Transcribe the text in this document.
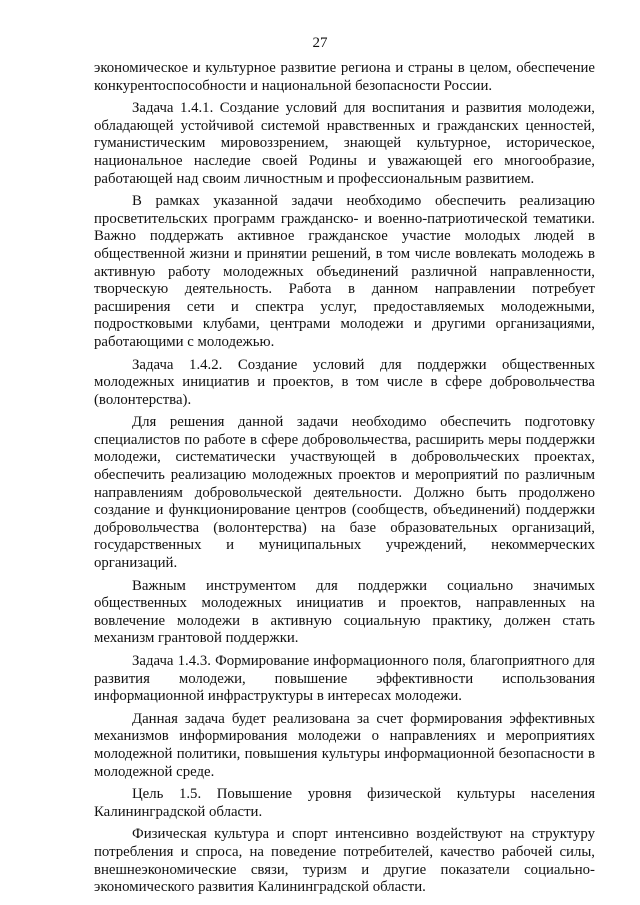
27

экономическое и культурное развитие региона и страны в целом, обеспечение конкурентоспособности и национальной безопасности России.

Задача 1.4.1. Создание условий для воспитания и развития молодежи, обладающей устойчивой системой нравственных и гражданских ценностей, гуманистическим мировоззрением, знающей культурное, историческое, национальное наследие своей Родины и уважающей его многообразие, работающей над своим личностным и профессиональным развитием.

В рамках указанной задачи необходимо обеспечить реализацию просветительских программ гражданско- и военно-патриотической тематики. Важно поддержать активное гражданское участие молодых людей в общественной жизни и принятии решений, в том числе вовлекать молодежь в активную работу молодежных объединений различной направленности, творческую деятельность. Работа в данном направлении потребует расширения сети и спектра услуг, предоставляемых молодежными, подростковыми клубами, центрами молодежи и другими организациями, работающими с молодежью.

Задача 1.4.2. Создание условий для поддержки общественных молодежных инициатив и проектов, в том числе в сфере добровольчества (волонтерства).

Для решения данной задачи необходимо обеспечить подготовку специалистов по работе в сфере добровольчества, расширить меры поддержки молодежи, систематически участвующей в добровольческих проектах, обеспечить реализацию молодежных проектов и мероприятий по различным направлениям добровольческой деятельности. Должно быть продолжено создание и функционирование центров (сообществ, объединений) поддержки добровольчества (волонтерства) на базе образовательных организаций, государственных и муниципальных учреждений, некоммерческих организаций.

Важным инструментом для поддержки социально значимых общественных молодежных инициатив и проектов, направленных на вовлечение молодежи в активную социальную практику, должен стать механизм грантовой поддержки.

Задача 1.4.3. Формирование информационного поля, благоприятного для развития молодежи, повышение эффективности использования информационной инфраструктуры в интересах молодежи.

Данная задача будет реализована за счет формирования эффективных механизмов информирования молодежи о направлениях и мероприятиях молодежной политики, повышения культуры информационной безопасности в молодежной среде.

Цель 1.5. Повышение уровня физической культуры населения Калининградской области.

Физическая культура и спорт интенсивно воздействуют на структуру потребления и спроса, на поведение потребителей, качество рабочей силы, внешнеэкономические связи, туризм и другие показатели социально-экономического развития Калининградской области.
